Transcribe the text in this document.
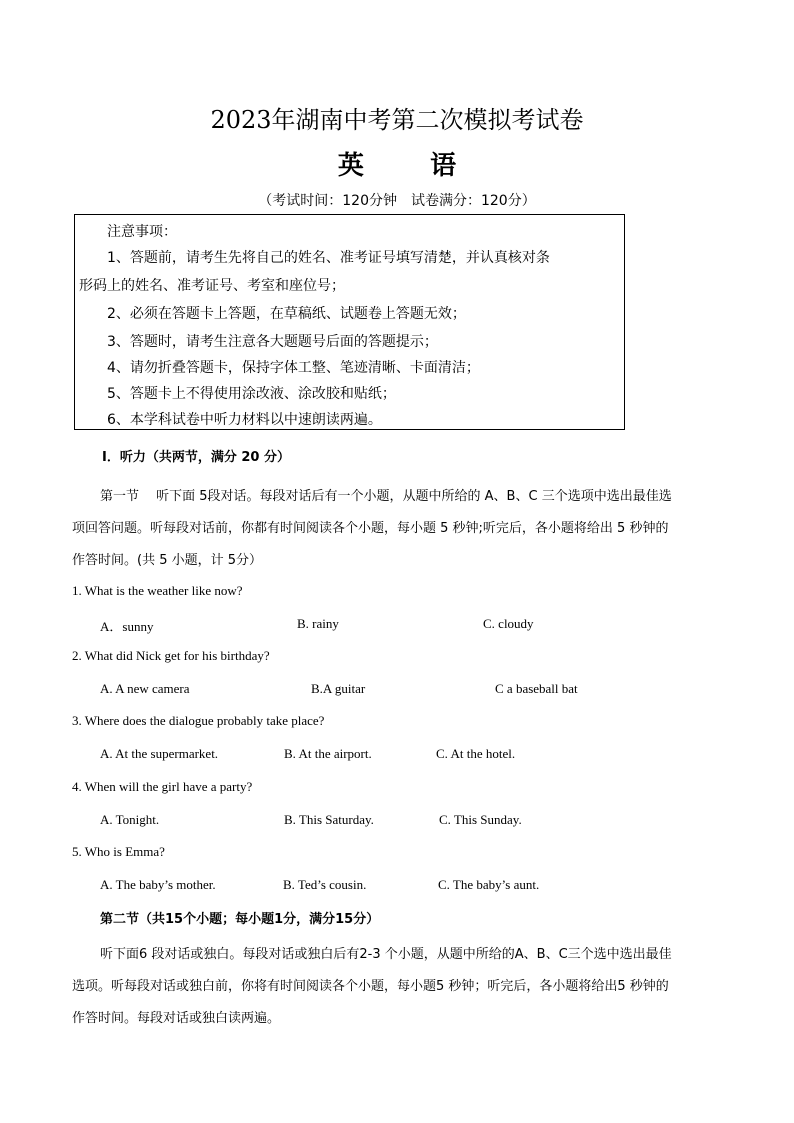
2023年湖南中考第二次模拟考试卷
英	语
（考试时间：120分钟　试卷满分：120分）
注意事项：
1、答题前，请考生先将自己的姓名、准考证号填写清楚，并认真核对条
形码上的姓名、准考证号、考室和座位号；
2、必须在答题卡上答题，在草稿纸、试题卷上答题无效；
3、答题时，请考生注意各大题题号后面的答题提示；
4、请勿折叠答题卡，保持字体工整、笔迹清晰、卡面清洁；
5、答题卡上不得使用涂改液、涂改胶和贴纸；
6、本学科试卷中听力材料以中速朗读两遍。
I．听力（共两节，满分 20 分）
第一节　 听下面 5段对话。每段对话后有一个小题，从题中所给的 A、B、C 三个选项中选出最佳选
项回答问题。听每段对话前，你都有时间阅读各个小题，每小题 5 秒钟;听完后，各小题将给出 5 秒钟的
作答时间。(共 5 小题，计 5分）
1. What is the weather like now?
A．sunny	B. rainy	C. cloudy
2. What did Nick get for his birthday?
A. A new camera	B.A guitar	C a baseball bat
3. Where does the dialogue probably take place?
A. At the supermarket.	B. At the airport.	C. At the hotel.
4. When will the girl have a party?
A. Tonight.	B. This Saturday.	C. This Sunday.
5. Who is Emma?
A. The baby’s mother.	B. Ted’s cousin.	C. The baby’s aunt.
第二节（共15个小题；每小题1分，满分15分）
听下面6 段对话或独白。每段对话或独白后有2-3 个小题，从题中所给的A、B、C三个选中选出最佳
选项。听每段对话或独白前，你将有时间阅读各个小题，每小题5 秒钟；听完后，各小题将给出5 秒钟的
作答时间。每段对话或独白读两遍。
